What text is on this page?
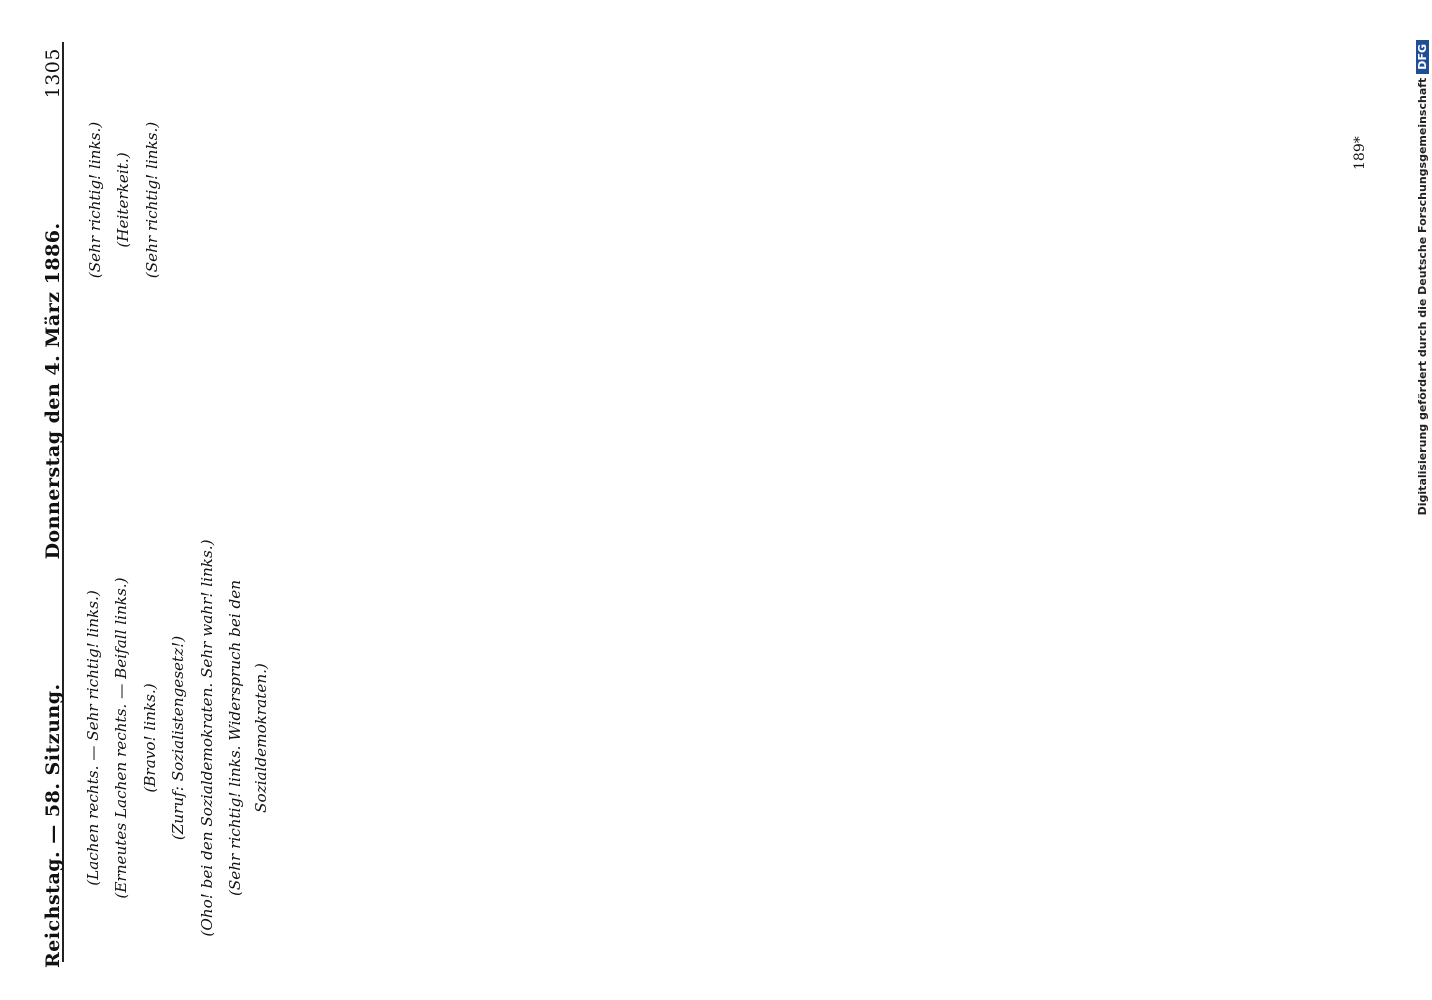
Reichstag. — 58. Sitzung.
Donnerstag den 4. März 1886.
1305
(Lachen rechts. — Sehr richtig! links.) (Erneutes Lachen rechts. — Beifall links.) (Bravo! links.) (Zuruf: Sozialistengesetz!) (Oho! bei den Sozialdemokraten. Sehr wahr! links.) (Sehr richtig! links. Widerspruch bei den Sozialdemokraten.)
(Sehr richtig! links.) (Heiterkeit.) (Sehr richtig! links.)	189*	Digitalisierung gefördert durch die Deutsche ForschungsgemeinschaftDFG
